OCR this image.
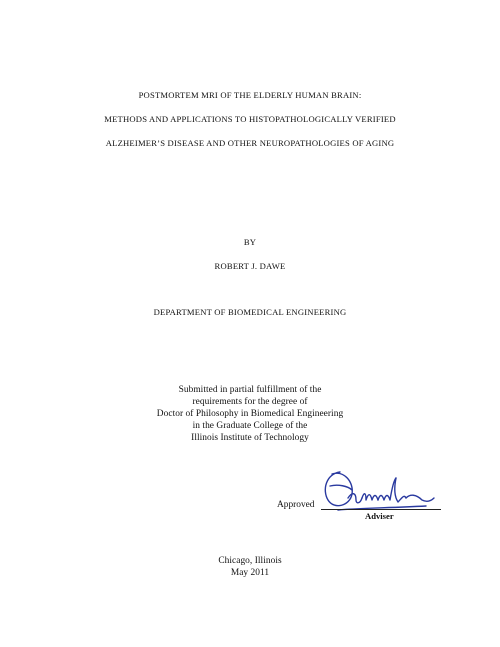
POSTMORTEM MRI OF THE ELDERLY HUMAN BRAIN:
METHODS AND APPLICATIONS TO HISTOPATHOLOGICALLY VERIFIED
ALZHEIMER’S DISEASE AND OTHER NEUROPATHOLOGIES OF AGING
BY
ROBERT J. DAWE
DEPARTMENT OF BIOMEDICAL ENGINEERING
Submitted in partial fulfillment of the
requirements for the degree of
Doctor of Philosophy in Biomedical Engineering
in the Graduate College of the
Illinois Institute of Technology
Approved
Adviser
Chicago, Illinois
May 2011
